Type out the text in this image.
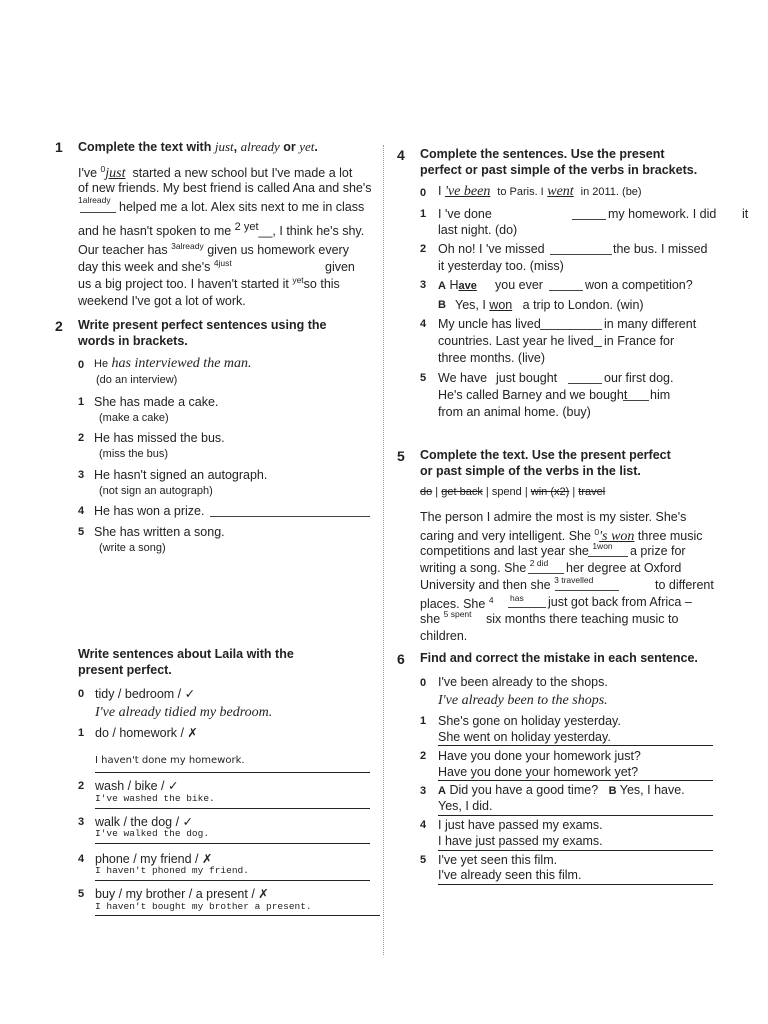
1 Complete the text with just, already or yet.
I've $^0$just started a new school but I've made a lot
of new friends. My best friend is called Ana and she's
$^{1already}$ helped me a lot. Alex sits next to me in class
and he hasn't spoken to me $^{2 yet}$__, I think he's shy.
Our teacher has $^{3already}$ given us homework every
day this week and she's $^{4just}$	given
us a big project too. I haven't started it $^{yet}$so this
weekend I've got a lot of work.
2 Write present perfect sentences using the
words in brackets.
0 He has interviewed the man.
(do an interview)
1 She has made a cake.
(make a cake)
2 He has missed the bus.
(miss the bus)
3 He hasn't signed an autograph.
(not sign an autograph)
4 He has won a prize.
5 She has written a song.
(write a song)
Write sentences about Laila with the
present perfect.
0 tidy / bedroom / ✓
I've already tidied my bedroom.
1 do / homework / ✗
I haven't done my homework.
2 wash / bike / ✓
I've washed the bike.
3 walk / the dog / ✓
I've walked the dog.
4 phone / my friend / ✗
I haven't phoned my friend.
5 buy / my brother / a present / ✗
I haven't bought my brother a present.
4 Complete the sentences. Use the present
perfect or past simple of the verbs in brackets.
0 I 've been to Paris. I went in 2011. (be)
1 I 've done	my homework. I did it
last night. (do)
2 Oh no! I 've missed	the bus. I missed
it yesterday too. (miss)
3 A Have you ever	won a competition?
B Yes, I won a trip to London. (win)
4 My uncle has lived	in many different
countries. Last year he lived in France for
three months. (live)
5 We have just bought	our first dog.
He's called Barney and we bought him
from an animal home. (buy)
5 Complete the text. Use the present perfect
or past simple of the verbs in the list.
do | get back | spend | win (x2) | travel
The person I admire the most is my sister. She's
caring and very intelligent. She $^0$'s won three music
competitions and last year she $^{1won}$ a prize for
writing a song. She $^{2 did}$ her degree at Oxford
University and then she $^{3 travelled}$	to different
places. She $^4$ has just got back from Africa –
she $^{5 spent}$ six months there teaching music to
children.
6 Find and correct the mistake in each sentence.
0 I've been already to the shops.
I've already been to the shops.
1 She's gone on holiday yesterday.
She went on holiday yesterday.
2 Have you done your homework just?
Have you done your homework yet?
3 A Did you have a good time? B Yes, I have.
Yes, I did.
4 I just have passed my exams.
I have just passed my exams.
5 I've yet seen this film.
I've already seen this film.
